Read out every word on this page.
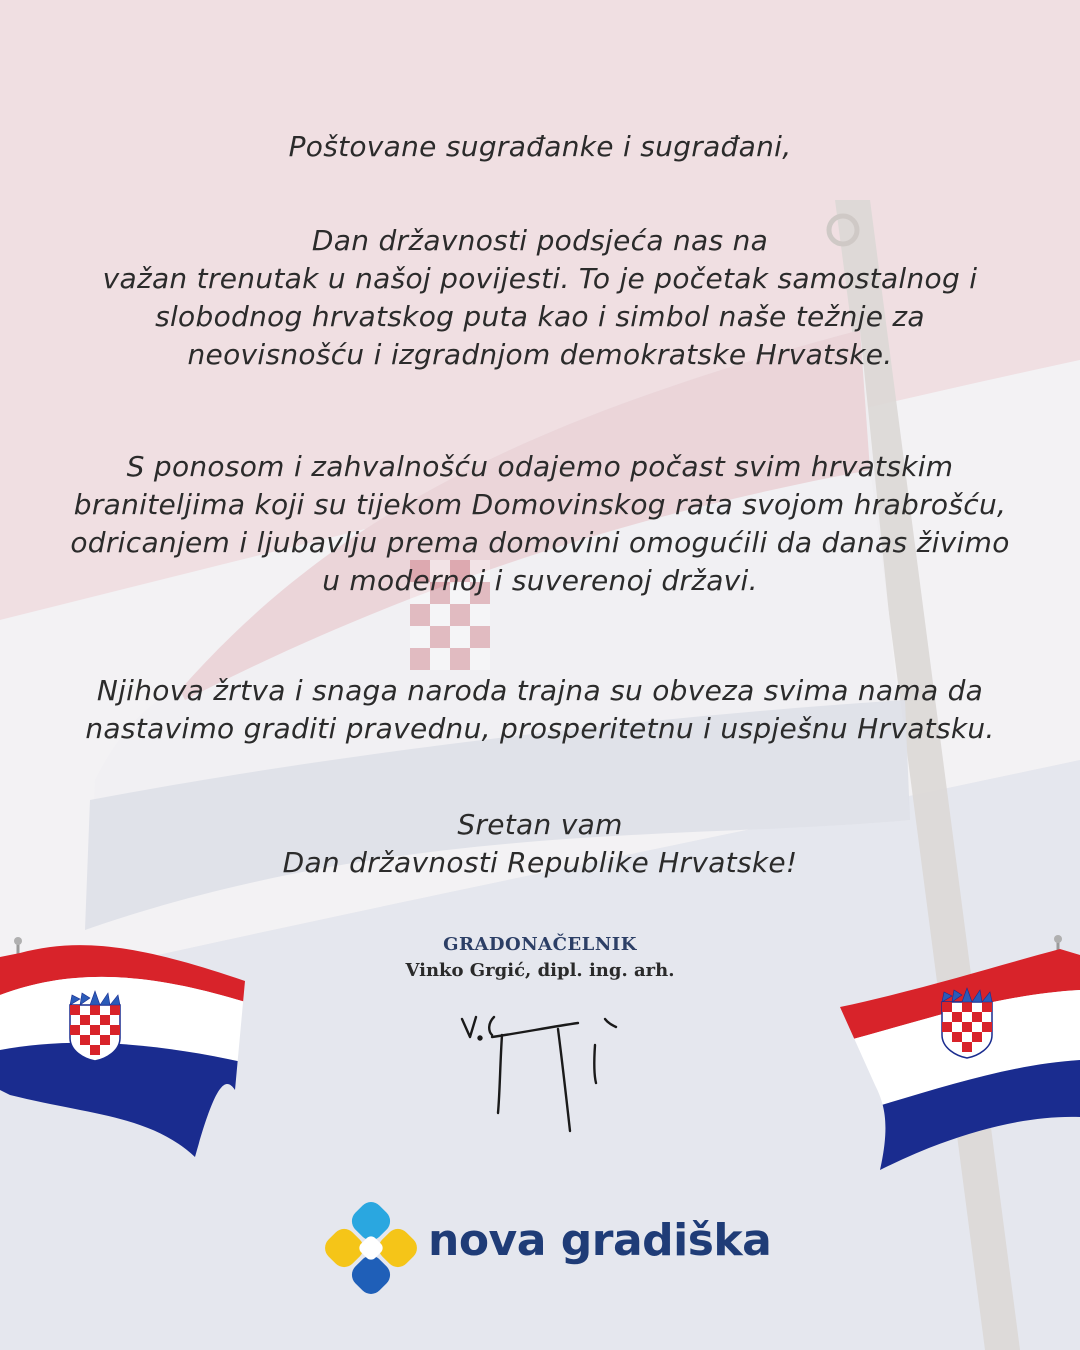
Poštovane sugrađanke i sugrađani,
Dan državnosti podsjeća nas na
važan trenutak u našoj povijesti. To je početak samostalnog i
slobodnog hrvatskog puta kao i simbol naše težnje za
neovisnošću i izgradnjom demokratske Hrvatske.
S ponosom i zahvalnošću odajemo počast svim hrvatskim
braniteljima koji su tijekom Domovinskog rata svojom hrabrošću,
odricanjem i ljubavlju prema domovini omogućili da danas živimo
u modernoj i suverenoj državi.
Njihova žrtva i snaga naroda trajna su obveza svima nama da
nastavimo graditi pravednu, prosperitetnu i uspješnu Hrvatsku.
Sretan vam
Dan državnosti Republike Hrvatske!
GRADONAČELNIK
Vinko Grgić, dipl. ing. arh.
nova gradiška
